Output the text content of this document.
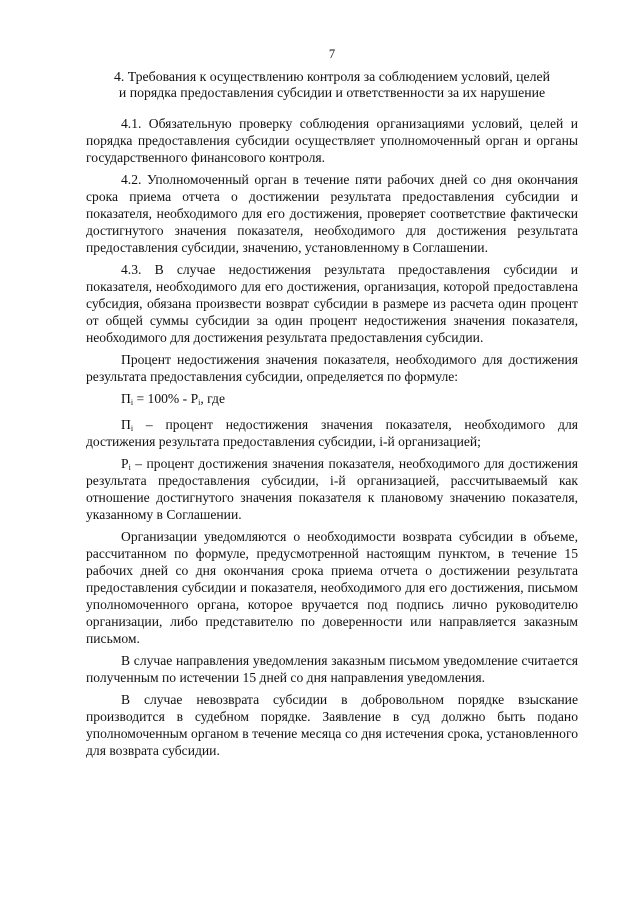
7
4. Требования к осуществлению контроля за соблюдением условий, целей
и порядка предоставления субсидии и ответственности за их нарушение

4.1. Обязательную проверку соблюдения организациями условий, целей и порядка предоставления субсидии осуществляет уполномоченный орган и органы государственного финансового контроля.

4.2. Уполномоченный орган в течение пяти рабочих дней со дня окончания срока приема отчета о достижении результата предоставления субсидии и показателя, необходимого для его достижения, проверяет соответствие фактически достигнутого значения показателя, необходимого для достижения результата предоставления субсидии, значению, установленному в Соглашении.

4.3. В случае недостижения результата предоставления субсидии и показателя, необходимого для его достижения, организация, которой предоставлена субсидия, обязана произвести возврат субсидии в размере из расчета один процент от общей суммы субсидии за один процент недостижения значения показателя, необходимого для достижения результата предоставления субсидии.

Процент недостижения значения показателя, необходимого для достижения результата предоставления субсидии, определяется по формуле:

$П_i = 100\% - Р_i$, где

$П_i$ – процент недостижения значения показателя, необходимого для достижения результата предоставления субсидии, i-й организацией;

$Р_i$ – процент достижения значения показателя, необходимого для достижения результата предоставления субсидии, i-й организацией, рассчитываемый как отношение достигнутого значения показателя к плановому значению показателя, указанному в Соглашении.

Организации уведомляются о необходимости возврата субсидии в объеме, рассчитанном по формуле, предусмотренной настоящим пунктом, в течение 15 рабочих дней со дня окончания срока приема отчета о достижении результата предоставления субсидии и показателя, необходимого для его достижения, письмом уполномоченного органа, которое вручается под подпись лично руководителю организации, либо представителю по доверенности или направляется заказным письмом.

В случае направления уведомления заказным письмом уведомление считается полученным по истечении 15 дней со дня направления уведомления.

В случае невозврата субсидии в добровольном порядке взыскание производится в судебном порядке. Заявление в суд должно быть подано уполномоченным органом в течение месяца со дня истечения срока, установленного для возврата субсидии.
